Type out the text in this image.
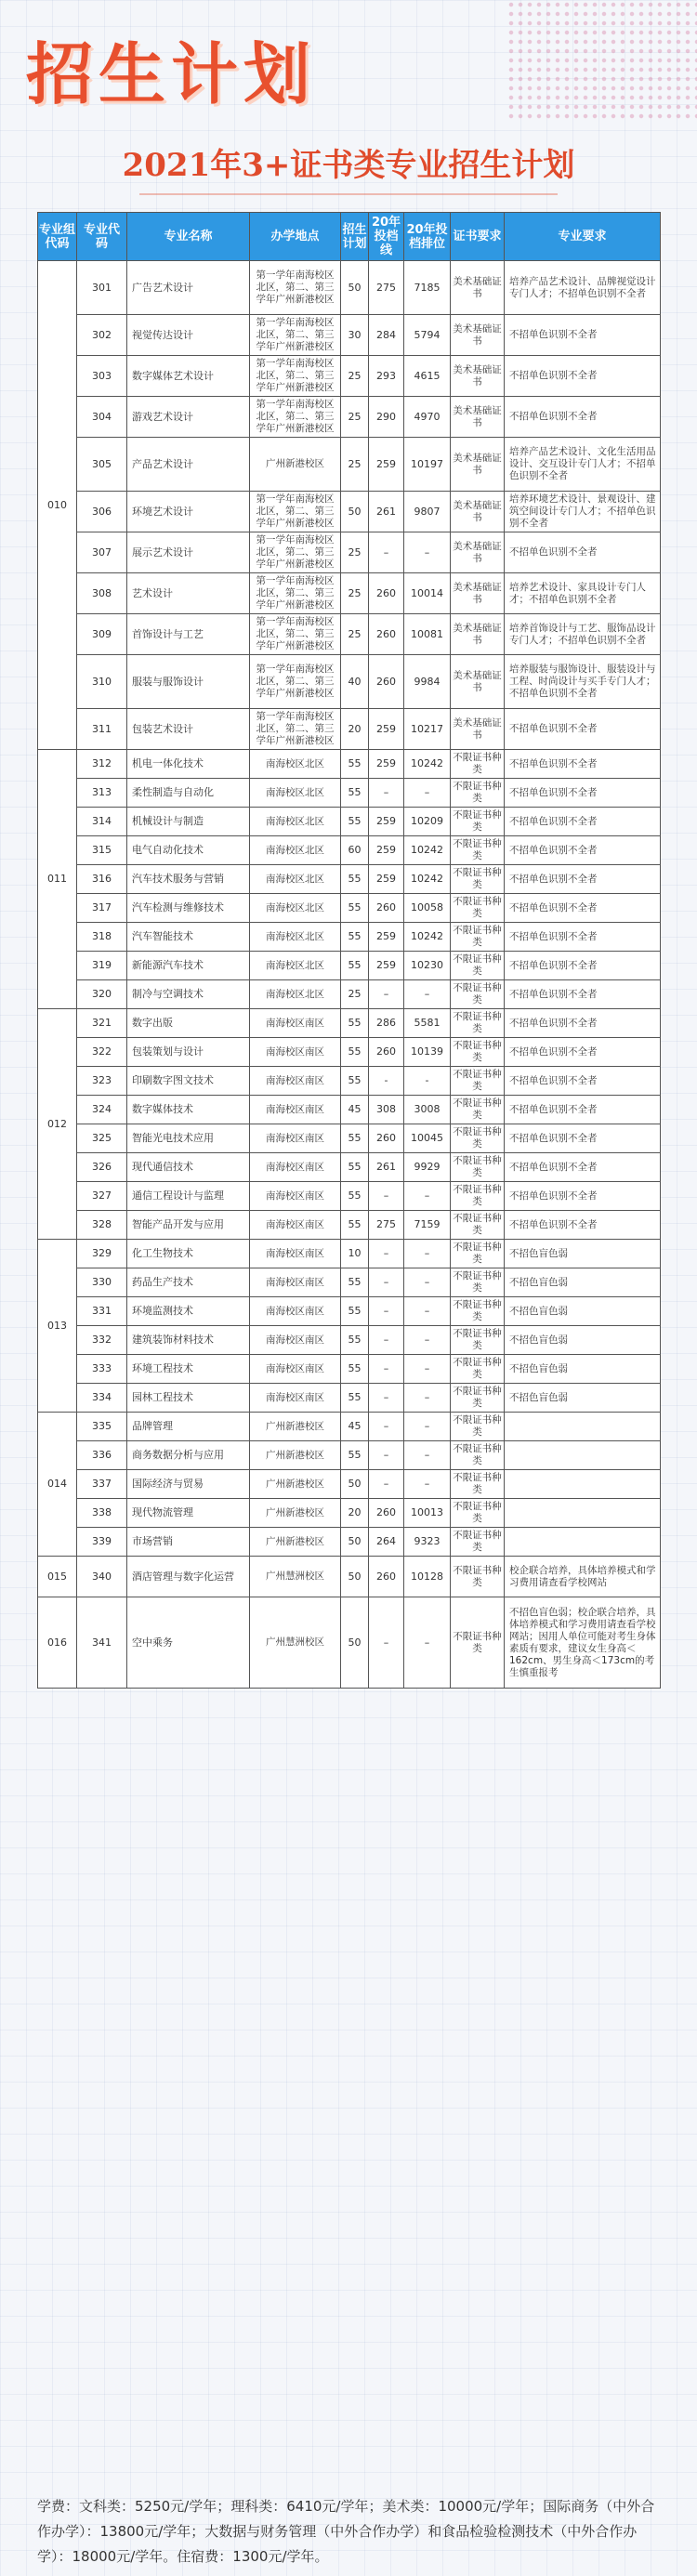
招生计划
2021年3+证书类专业招生计划
专业组代码	专业代码	专业名称	办学地点	招生计划	20年投档线	20年投档排位	证书要求	专业要求
010	301	广告艺术设计	第一学年南海校区北区，第二、第三学年广州新港校区	50	275	7185	美术基础证书	培养产品艺术设计、品牌视觉设计专门人才；不招单色识别不全者
	302	视觉传达设计	第一学年南海校区北区，第二、第三学年广州新港校区	30	284	5794	美术基础证书	不招单色识别不全者
	303	数字媒体艺术设计	第一学年南海校区北区，第二、第三学年广州新港校区	25	293	4615	美术基础证书	不招单色识别不全者
	304	游戏艺术设计	第一学年南海校区北区，第二、第三学年广州新港校区	25	290	4970	美术基础证书	不招单色识别不全者
	305	产品艺术设计	广州新港校区	25	259	10197	美术基础证书	培养产品艺术设计、文化生活用品设计、交互设计专门人才；不招单色识别不全者
	306	环境艺术设计	第一学年南海校区北区，第二、第三学年广州新港校区	50	261	9807	美术基础证书	培养环境艺术设计、景观设计、建筑空间设计专门人才；不招单色识别不全者
	307	展示艺术设计	第一学年南海校区北区，第二、第三学年广州新港校区	25	–	–	美术基础证书	不招单色识别不全者
	308	艺术设计	第一学年南海校区北区，第二、第三学年广州新港校区	25	260	10014	美术基础证书	培养艺术设计、家具设计专门人才；不招单色识别不全者
	309	首饰设计与工艺	第一学年南海校区北区，第二、第三学年广州新港校区	25	260	10081	美术基础证书	培养首饰设计与工艺、服饰品设计专门人才；不招单色识别不全者
	310	服装与服饰设计	第一学年南海校区北区，第二、第三学年广州新港校区	40	260	9984	美术基础证书	培养服装与服饰设计、服装设计与工程、时尚设计与买手专门人才；不招单色识别不全者
	311	包装艺术设计	第一学年南海校区北区，第二、第三学年广州新港校区	20	259	10217	美术基础证书	不招单色识别不全者
011	312	机电一体化技术	南海校区北区	55	259	10242	不限证书种类	不招单色识别不全者
	313	柔性制造与自动化	南海校区北区	55	–	–	不限证书种类	不招单色识别不全者
	314	机械设计与制造	南海校区北区	55	259	10209	不限证书种类	不招单色识别不全者
	315	电气自动化技术	南海校区北区	60	259	10242	不限证书种类	不招单色识别不全者
	316	汽车技术服务与营销	南海校区北区	55	259	10242	不限证书种类	不招单色识别不全者
	317	汽车检测与维修技术	南海校区北区	55	260	10058	不限证书种类	不招单色识别不全者
	318	汽车智能技术	南海校区北区	55	259	10242	不限证书种类	不招单色识别不全者
	319	新能源汽车技术	南海校区北区	55	259	10230	不限证书种类	不招单色识别不全者
	320	制冷与空调技术	南海校区北区	25	–	–	不限证书种类	不招单色识别不全者
012	321	数字出版	南海校区南区	55	286	5581	不限证书种类	不招单色识别不全者
	322	包装策划与设计	南海校区南区	55	260	10139	不限证书种类	不招单色识别不全者
	323	印刷数字图文技术	南海校区南区	55	-	-	不限证书种类	不招单色识别不全者
	324	数字媒体技术	南海校区南区	45	308	3008	不限证书种类	不招单色识别不全者
	325	智能光电技术应用	南海校区南区	55	260	10045	不限证书种类	不招单色识别不全者
	326	现代通信技术	南海校区南区	55	261	9929	不限证书种类	不招单色识别不全者
	327	通信工程设计与监理	南海校区南区	55	–	–	不限证书种类	不招单色识别不全者
	328	智能产品开发与应用	南海校区南区	55	275	7159	不限证书种类	不招单色识别不全者
013	329	化工生物技术	南海校区南区	10	–	–	不限证书种类	不招色盲色弱
	330	药品生产技术	南海校区南区	55	–	–	不限证书种类	不招色盲色弱
	331	环境监测技术	南海校区南区	55	–	–	不限证书种类	不招色盲色弱
	332	建筑装饰材料技术	南海校区南区	55	–	–	不限证书种类	不招色盲色弱
	333	环境工程技术	南海校区南区	55	–	–	不限证书种类	不招色盲色弱
	334	园林工程技术	南海校区南区	55	–	–	不限证书种类	不招色盲色弱
014	335	品牌管理	广州新港校区	45	–	–	不限证书种类	
	336	商务数据分析与应用	广州新港校区	55	–	–	不限证书种类	
	337	国际经济与贸易	广州新港校区	50	–	–	不限证书种类	
	338	现代物流管理	广州新港校区	20	260	10013	不限证书种类	
	339	市场营销	广州新港校区	50	264	9323	不限证书种类	
015	340	酒店管理与数字化运营	广州慧洲校区	50	260	10128	不限证书种类	校企联合培养，具体培养模式和学习费用请查看学校网站
016	341	空中乘务	广州慧洲校区	50	–	–	不限证书种类	不招色盲色弱；校企联合培养，具体培养模式和学习费用请查看学校网站；因用人单位可能对考生身体素质有要求，建议女生身高＜162cm、男生身高＜173cm的考生慎重报考
学费：文科类：5250元/学年；理科类：6410元/学年；美术类：10000元/学年；国际商务（中外合作办学）：13800元/学年；大数据与财务管理（中外合作办学）和食品检验检测技术（中外合作办学）：18000元/学年。住宿费：1300元/学年。
